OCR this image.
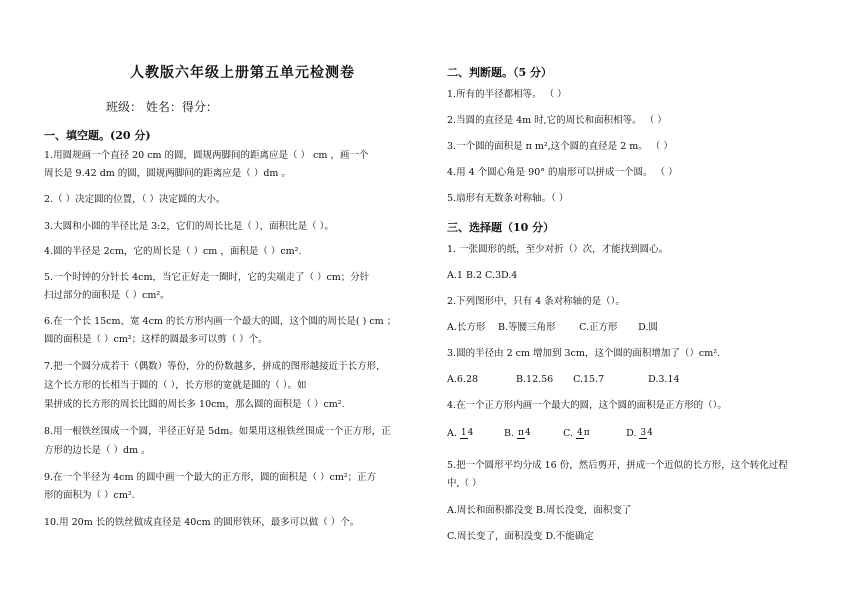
人教版六年级上册第五单元检测卷
班级： 姓名：得分：
一、填空题。(20 分)
1.用圆规画一个直径 20 cm 的圆，圆规两脚间的距离应是（ ） cm ，画一个
周长是 9.42 dm 的圆，圆规两脚间的距离应是（ ）dm 。
2.（ ）决定圆的位置，（ ）决定圆的大小。
3.大圆和小圆的半径比是 3:2，它们的周长比是（ ），面积比是（ ）。
4.圆的半径是 2cm，它的周长是（ ）cm ，面积是（ ）cm².
5.一个时钟的分针长 4cm，当它正好走一圈时，它的尖端走了（ ）cm；分针
扫过部分的面积是（ ）cm²。
6.在一个长 15cm、宽 4cm 的长方形内画一个最大的圆，这个圆的周长是( ) cm ；
圆的面积是（ ）cm²；这样的圆最多可以剪（ ）个。
7.把一个圆分成若干（偶数）等份，分的份数越多，拼成的图形越接近于长方形，
这个长方形的长相当于圆的（ ），长方形的宽就是圆的（ ）。如
果拼成的长方形的周长比圆的周长多 10cm，那么圆的面积是（ ）cm².
8.用一根铁丝围成一个圆，半径正好是 5dm。如果用这根铁丝围成一个正方形，正
方形的边长是（ ）dm 。
9.在一个半径为 4cm 的圆中画一个最大的正方形，圆的面积是（ ）cm²；正方
形的面积为（ ）cm².
10.用 20m 长的铁丝做成直径是 40cm 的圆形铁环，最多可以做（ ）个。
二、判断题。（5 分）
1.所有的半径都相等。 （ ）
2.当圆的直径是 4m 时,它的周长和面积相等。 （ ）
3.一个圆的面积是 π m²,这个圆的直径是 2 m。 （ ）
4.用 4 个圆心角是 90° 的扇形可以拼成一个圆。 （ ）
5.扇形有无数条对称轴。（ ）
三、选择题（10 分）
1. 一张圆形的纸，至少对折（）次，才能找到圆心。
A.1 B.2 C.3D.4
2.下列图形中，只有 4 条对称轴的是（）。
A.长方形 B.等腰三角形 C.正方形 D.圆
3.圆的半径由 2 cm 增加到 3cm，这个圆的面积增加了（）cm².
A.6.28	B.12.56 C.15.7	D.3.14
4.在一个正方形内画一个最大的圆，这个圆的面积是正方形的（）。
A. 14	B. π4	C. 4π	D. 34
5.把一个圆形平均分成 16 份，然后剪开，拼成一个近似的长方形，这个转化过程
中,（ ）
A.周长和面积都没变 B.周长没变，面积变了
C.周长变了，面积没变 D.不能确定
